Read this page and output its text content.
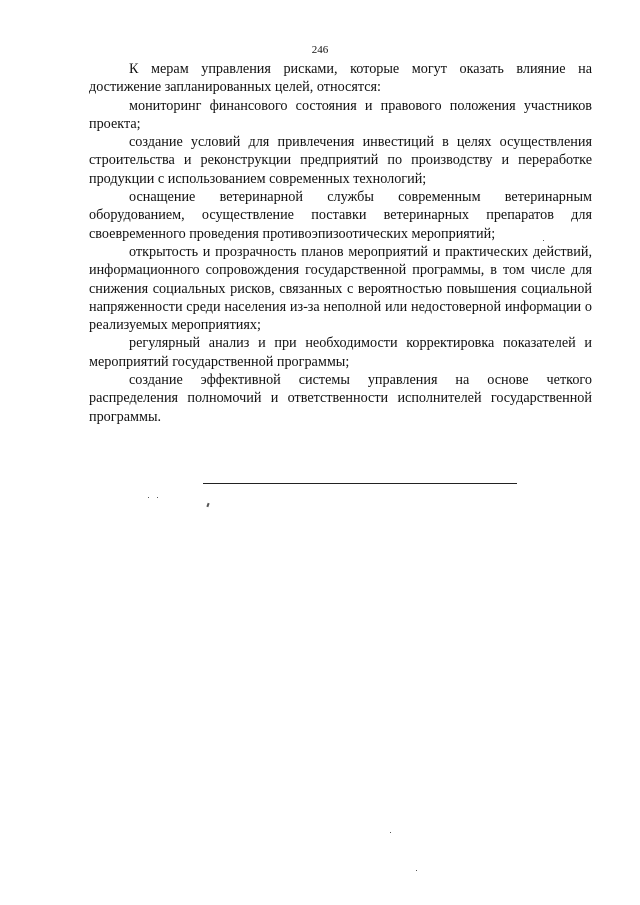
246

К мерам управления рисками, которые могут оказать влияние на достижение запланированных целей, относятся:

мониторинг финансового состояния и правового положения участников проекта;

создание условий для привлечения инвестиций в целях осуществления строительства и реконструкции предприятий по производству и переработке продукции с использованием современных технологий;

оснащение ветеринарной службы современным ветеринарным оборудованием, осуществление поставки ветеринарных препаратов для своевременного проведения противоэпизоотических мероприятий;

открытость и прозрачность планов мероприятий и практических действий, информационного сопровождения государственной программы, в том числе для снижения социальных рисков, связанных с вероятностью повышения социальной напряженности среди населения из-за неполной или недостоверной информации о реализуемых мероприятиях;

регулярный анализ и при необходимости корректировка показателей и мероприятий государственной программы;

создание эффективной системы управления на основе четкого распределения полномочий и ответственности исполнителей государственной программы.
